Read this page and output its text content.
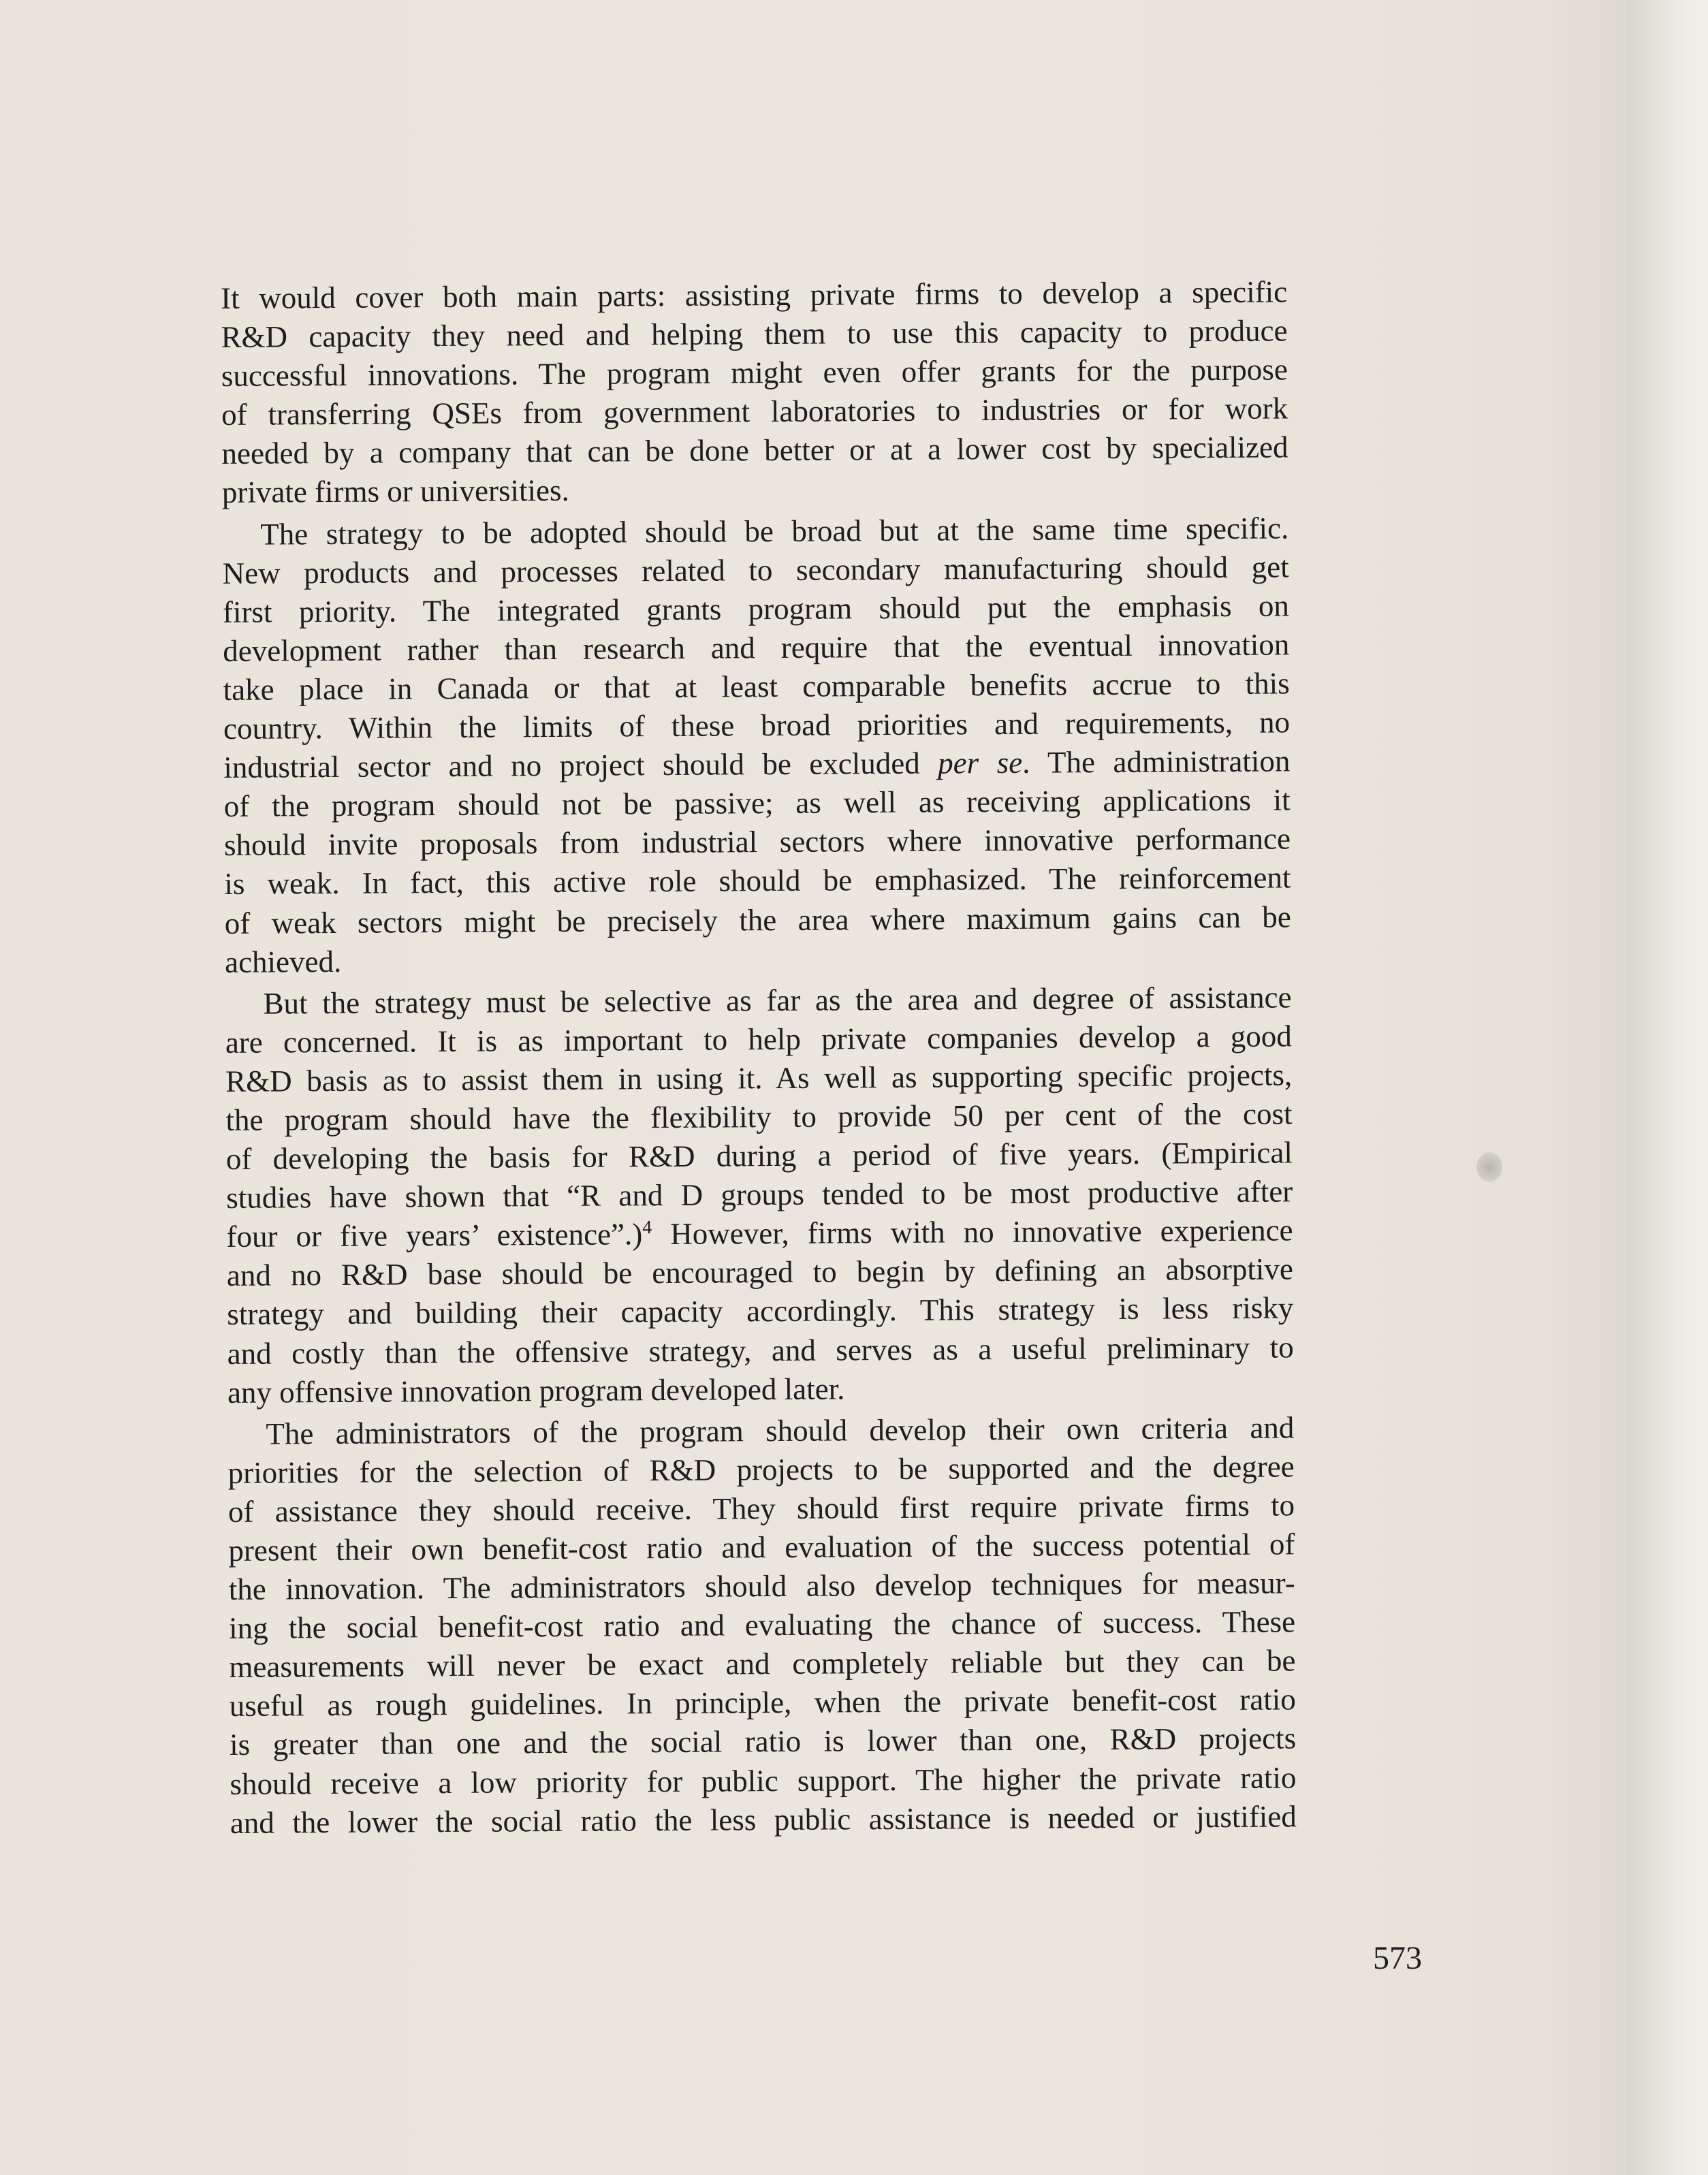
It would cover both main parts: assisting private firms to develop a specific
R&D capacity they need and helping them to use this capacity to produce
successful innovations. The program might even offer grants for the purpose
of transferring QSEs from government laboratories to industries or for work
needed by a company that can be done better or at a lower cost by specialized
private firms or universities.
The strategy to be adopted should be broad but at the same time specific.
New products and processes related to secondary manufacturing should get
first priority. The integrated grants program should put the emphasis on
development rather than research and require that the eventual innovation
take place in Canada or that at least comparable benefits accrue to this
country. Within the limits of these broad priorities and requirements, no
industrial sector and no project should be excluded per se. The administration
of the program should not be passive; as well as receiving applications it
should invite proposals from industrial sectors where innovative performance
is weak. In fact, this active role should be emphasized. The reinforcement
of weak sectors might be precisely the area where maximum gains can be
achieved.
But the strategy must be selective as far as the area and degree of assistance
are concerned. It is as important to help private companies develop a good
R&D basis as to assist them in using it. As well as supporting specific projects,
the program should have the flexibility to provide 50 per cent of the cost
of developing the basis for R&D during a period of five years. (Empirical
studies have shown that “R and D groups tended to be most productive after
four or five years’ existence”.)$^4$ However, firms with no innovative experience
and no R&D base should be encouraged to begin by defining an absorptive
strategy and building their capacity accordingly. This strategy is less risky
and costly than the offensive strategy, and serves as a useful preliminary to
any offensive innovation program developed later.
The administrators of the program should develop their own criteria and
priorities for the selection of R&D projects to be supported and the degree
of assistance they should receive. They should first require private firms to
present their own benefit-cost ratio and evaluation of the success potential of
the innovation. The administrators should also develop techniques for measur-
ing the social benefit-cost ratio and evaluating the chance of success. These
measurements will never be exact and completely reliable but they can be
useful as rough guidelines. In principle, when the private benefit-cost ratio
is greater than one and the social ratio is lower than one, R&D projects
should receive a low priority for public support. The higher the private ratio
and the lower the social ratio the less public assistance is needed or justified
573
